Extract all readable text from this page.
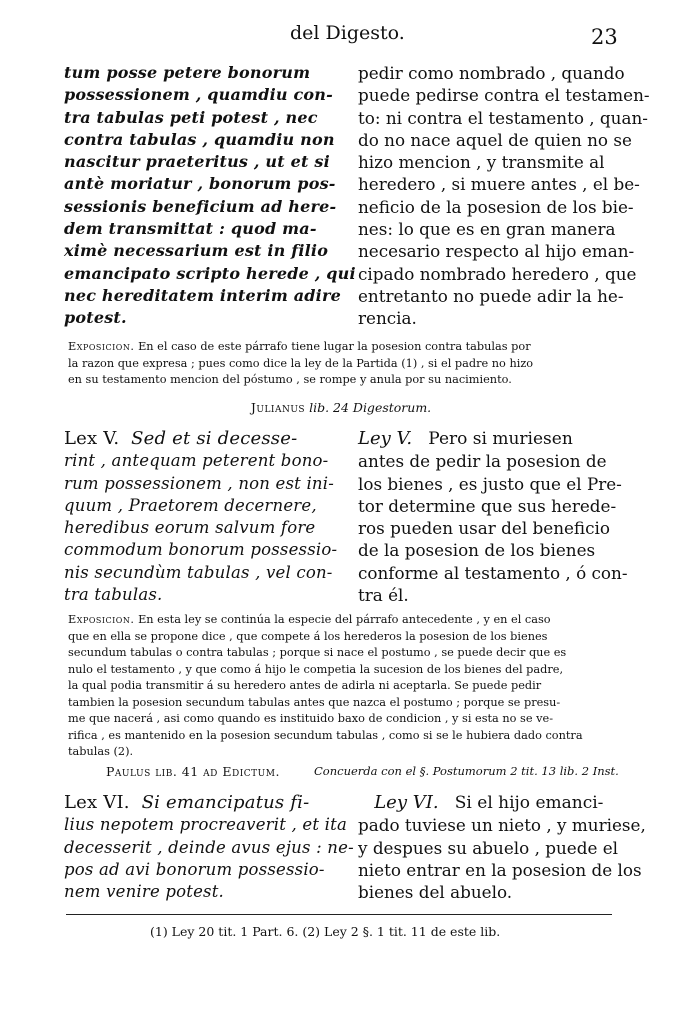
del Digesto.	23
tum posse petere bonorum
possessionem , quamdiu con-
tra tabulas peti potest , nec
contra tabulas , quamdiu non
nascitur praeteritus , ut et si
antè moriatur , bonorum pos-
sessionis beneficium ad here-
dem transmittat : quod ma-
ximè necessarium est in filio
emancipato scripto herede , qui
nec hereditatem interim adire
potest.
pedir como nombrado , quando
puede pedirse contra el testamen-
to: ni contra el testamento , quan-
do no nace aquel de quien no se
hizo mencion , y transmite al
heredero , si muere antes , el be-
neficio de la posesion de los bie-
nes: lo que es en gran manera
necesario respecto al hijo eman-
cipado nombrado heredero , que
entretanto no puede adir la he-
rencia.
Exposicion. En el caso de este párrafo tiene lugar la posesion contra tabulas por
la razon que expresa ; pues como dice la ley de la Partida (1) , si el padre no hizo
en su testamento mencion del póstumo , se rompe y anula por su nacimiento.
Julianus lib. 24 Digestorum.
Lex V. Sed et si decesse-
rint , antequam peterent bono-
rum possessionem , non est ini-
quum , Praetorem decernere,
heredibus eorum salvum fore
commodum bonorum possessio-
nis secundùm tabulas , vel con-
tra tabulas.
Ley V. Pero si muriesen
antes de pedir la posesion de
los bienes , es justo que el Pre-
tor determine que sus herede-
ros pueden usar del beneficio
de la posesion de los bienes
conforme al testamento , ó con-
tra él.
Exposicion. En esta ley se continúa la especie del párrafo antecedente , y en el caso
que en ella se propone dice , que compete á los herederos la posesion de los bienes
secundum tabulas o contra tabulas ; porque si nace el postumo , se puede decir que es
nulo el testamento , y que como á hijo le competia la sucesion de los bienes del padre,
la qual podia transmitir á su heredero antes de adirla ni aceptarla. Se puede pedir
tambien la posesion secundum tabulas antes que nazca el postumo ; porque se presu-
me que nacerá , asi como quando es instituido baxo de condicion , y si esta no se ve-
rifica , es mantenido en la posesion secundum tabulas , como si se le hubiera dado contra
tabulas (2).
Paulus lib. 41 ad Edictum.	Concuerda con el §. Postumorum 2 tit. 13 lib. 2 Inst.
Lex VI. Si emancipatus fi-
lius nepotem procreaverit , et ita
decesserit , deinde avus ejus : ne-
pos ad avi bonorum possessio-
nem venire potest.
Ley VI. Si el hijo emanci-
pado tuviese un nieto , y muriese,
y despues su abuelo , puede el
nieto entrar en la posesion de los
bienes del abuelo.
(1) Ley 20 tit. 1 Part. 6. (2) Ley 2 §. 1 tit. 11 de este lib.
